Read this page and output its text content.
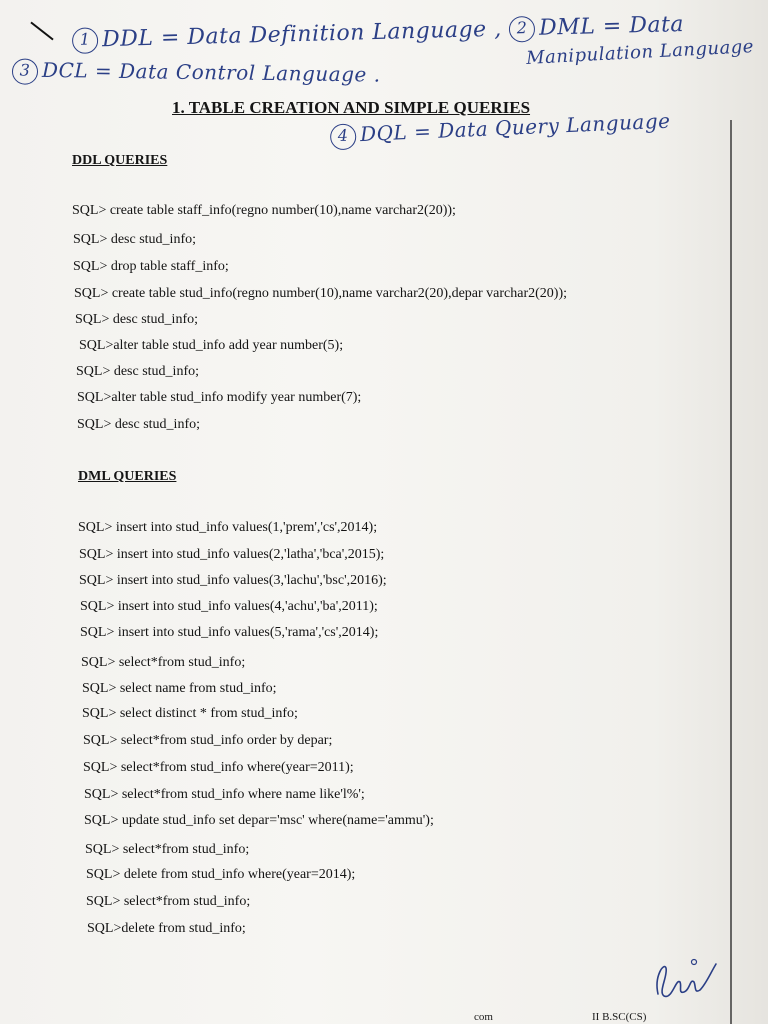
1 DDL = Data Definition Language , 2 DML = Data
3 DCL = Data Control Language .
Manipulation Language
4 DQL = Data Query Language
1. TABLE CREATION AND SIMPLE QUERIES
DDL QUERIES
SQL> create table staff_info(regno number(10),name varchar2(20));
SQL> desc stud_info;
SQL> drop table staff_info;
SQL> create table stud_info(regno number(10),name varchar2(20),depar varchar2(20));
SQL> desc stud_info;
SQL>alter table stud_info add year number(5);
SQL> desc stud_info;
SQL>alter table stud_info modify year number(7);
SQL> desc stud_info;
DML QUERIES
SQL> insert into stud_info values(1,'prem','cs',2014);
SQL> insert into stud_info values(2,'latha','bca',2015);
SQL> insert into stud_info values(3,'lachu','bsc',2016);
SQL> insert into stud_info values(4,'achu','ba',2011);
SQL> insert into stud_info values(5,'rama','cs',2014);
SQL> select*from stud_info;
SQL> select name from stud_info;
SQL> select distinct * from stud_info;
SQL> select*from stud_info order by depar;
SQL> select*from stud_info where(year=2011);
SQL> select*from stud_info where name like'l%';
SQL> update stud_info set depar='msc' where(name='ammu');
SQL> select*from stud_info;
SQL> delete from stud_info where(year=2014);
SQL> select*from stud_info;
SQL>delete from stud_info;
com	II B.SC(CS)
